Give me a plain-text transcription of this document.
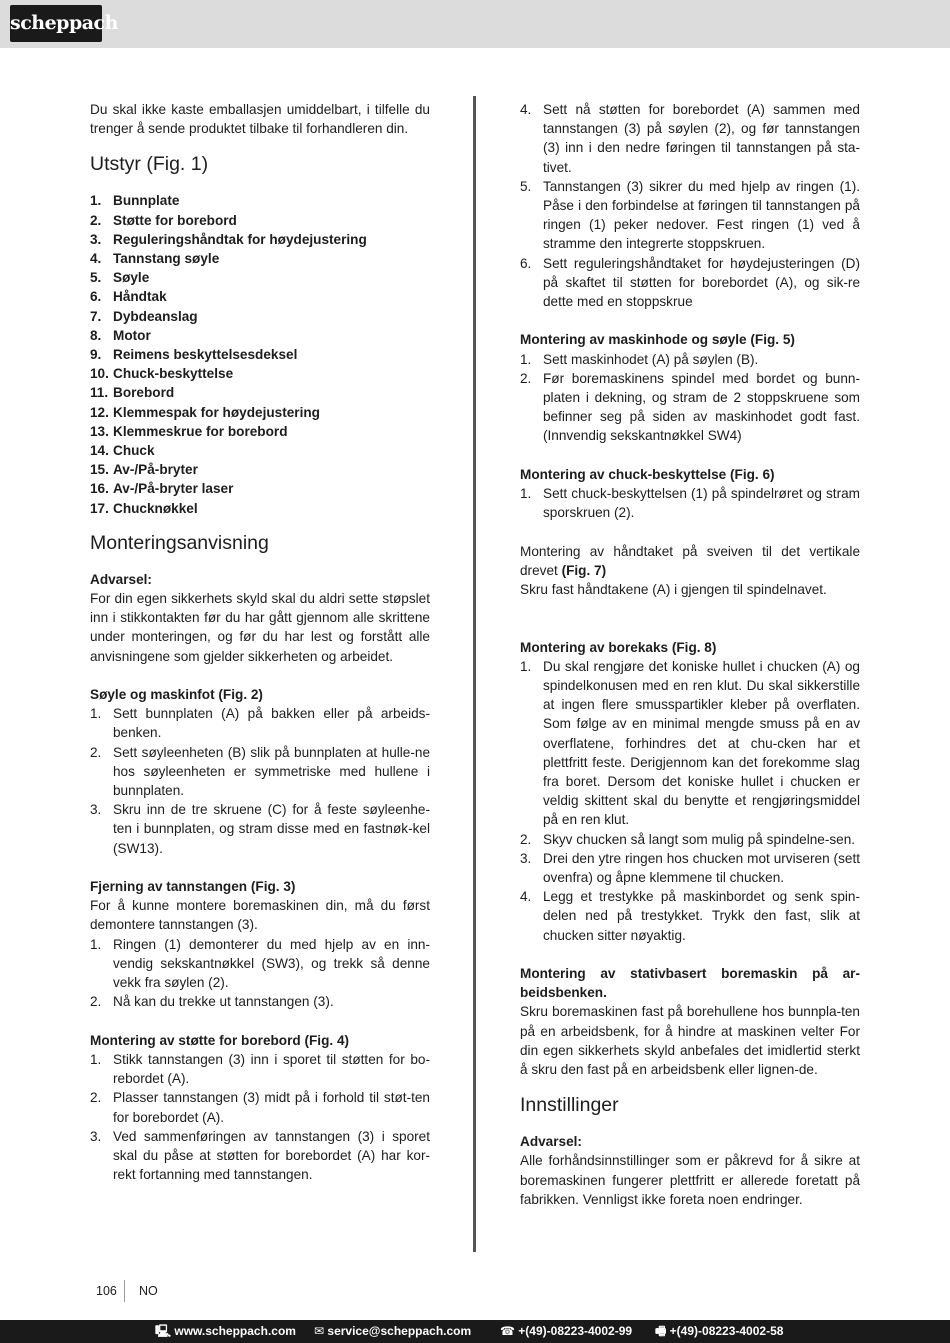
scheppach

Du skal ikke kaste emballasjen umiddelbart, i tilfelle du trenger å sende produktet tilbake til forhandleren din.

Utstyr (Fig. 1)
1. Bunnplate
2. Støtte for borebord
3. Reguleringshåndtak for høydejustering
4. Tannstang søyle
5. Søyle
6. Håndtak
7. Dybdeanslag
8. Motor
9. Reimens beskyttelsesdeksel
10. Chuck-beskyttelse
11. Borebord
12. Klemmespak for høydejustering
13. Klemmeskrue for borebord
14. Chuck
15. Av-/På-bryter
16. Av-/På-bryter laser
17. Chucknøkkel
Monteringsanvisning

Advarsel:

For din egen sikkerhets skyld skal du aldri sette støpslet inn i stikkontakten før du har gått gjennom alle skrittene under monteringen, og før du har lest og forstått alle anvisningene som gjelder sikkerheten og arbeidet.

Søyle og maskinfot (Fig. 2)

1. Sett bunnplaten (A) på bakken eller på arbeids-benken.
2. Sett søyleenheten (B) slik på bunnplaten at hulle-ne hos søyleenheten er symmetriske med hullene i bunnplaten.
3. Skru inn de tre skruene (C) for å feste søyleenhe-ten i bunnplaten, og stram disse med en fastnøk-kel (SW13).

Fjerning av tannstangen (Fig. 3)

For å kunne montere boremaskinen din, må du først demontere tannstangen (3).

1. Ringen (1) demonterer du med hjelp av en inn-vendig sekskantnøkkel (SW3), og trekk så denne vekk fra søylen (2).
2. Nå kan du trekke ut tannstangen (3).

Montering av støtte for borebord (Fig. 4)

1. Stikk tannstangen (3) inn i sporet til støtten for bo-rebordet (A).
2. Plasser tannstangen (3) midt på i forhold til støt-ten for borebordet (A).
3. Ved sammenføringen av tannstangen (3) i sporet skal du påse at støtten for borebordet (A) har kor-rekt fortanning med tannstangen.
4. Sett nå støtten for borebordet (A) sammen med tannstangen (3) på søylen (2), og før tannstangen (3) inn i den nedre føringen til tannstangen på sta-tivet.
5. Tannstangen (3) sikrer du med hjelp av ringen (1). Påse i den forbindelse at føringen til tannstangen på ringen (1) peker nedover. Fest ringen (1) ved å stramme den integrerte stoppskruen.
6. Sett reguleringshåndtaket for høydejusteringen (D) på skaftet til støtten for borebordet (A), og sik-re dette med en stoppskrue

Montering av maskinhode og søyle (Fig. 5)

1. Sett maskinhodet (A) på søylen (B).
2. Før boremaskinens spindel med bordet og bunn-platen i dekning, og stram de 2 stoppskruene som befinner seg på siden av maskinhodet godt fast. (Innvendig sekskantnøkkel SW4)

Montering av chuck-beskyttelse (Fig. 6)

1. Sett chuck-beskyttelsen (1) på spindelrøret og stram sporskruen (2).

Montering av håndtaket på sveiven til det vertikale drevet (Fig. 7)

Skru fast håndtakene (A) i gjengen til spindelnavet.

Montering av borekaks (Fig. 8)

1. Du skal rengjøre det koniske hullet i chucken (A) og spindelkonusen med en ren klut. Du skal sikkerstille at ingen flere smusspartikler kleber på overflaten. Som følge av en minimal mengde smuss på en av overflatene, forhindres det at chu-cken har et plettfritt feste. Derigjennom kan det forekomme slag fra boret. Dersom det koniske hullet i chucken er veldig skittent skal du benytte et rengjøringsmiddel på en ren klut.
2. Skyv chucken så langt som mulig på spindelne-sen.
3. Drei den ytre ringen hos chucken mot urviseren (sett ovenfra) og åpne klemmene til chucken.
4. Legg et trestykke på maskinbordet og senk spin-delen ned på trestykket. Trykk den fast, slik at chucken sitter nøyaktig.

Montering av stativbasert boremaskin på ar-beidsbenken.

Skru boremaskinen fast på borehullene hos bunnpla-ten på en arbeidsbenk, for å hindre at maskinen velter For din egen sikkerhets skyld anbefales det imidlertid sterkt å skru den fast på en arbeidsbenk eller lignen-de.

Innstillinger

Advarsel:

Alle forhåndsinnstillinger som er påkrevd for å sikre at boremaskinen fungerer plettfritt er allerede foretatt på fabrikken. Vennligst ikke foreta noen endringer.

106 NO
🖳 www.scheppach.com ✉ service@scheppach.com ☎ +(49)-08223-4002-99 🖷 +(49)-08223-4002-58
